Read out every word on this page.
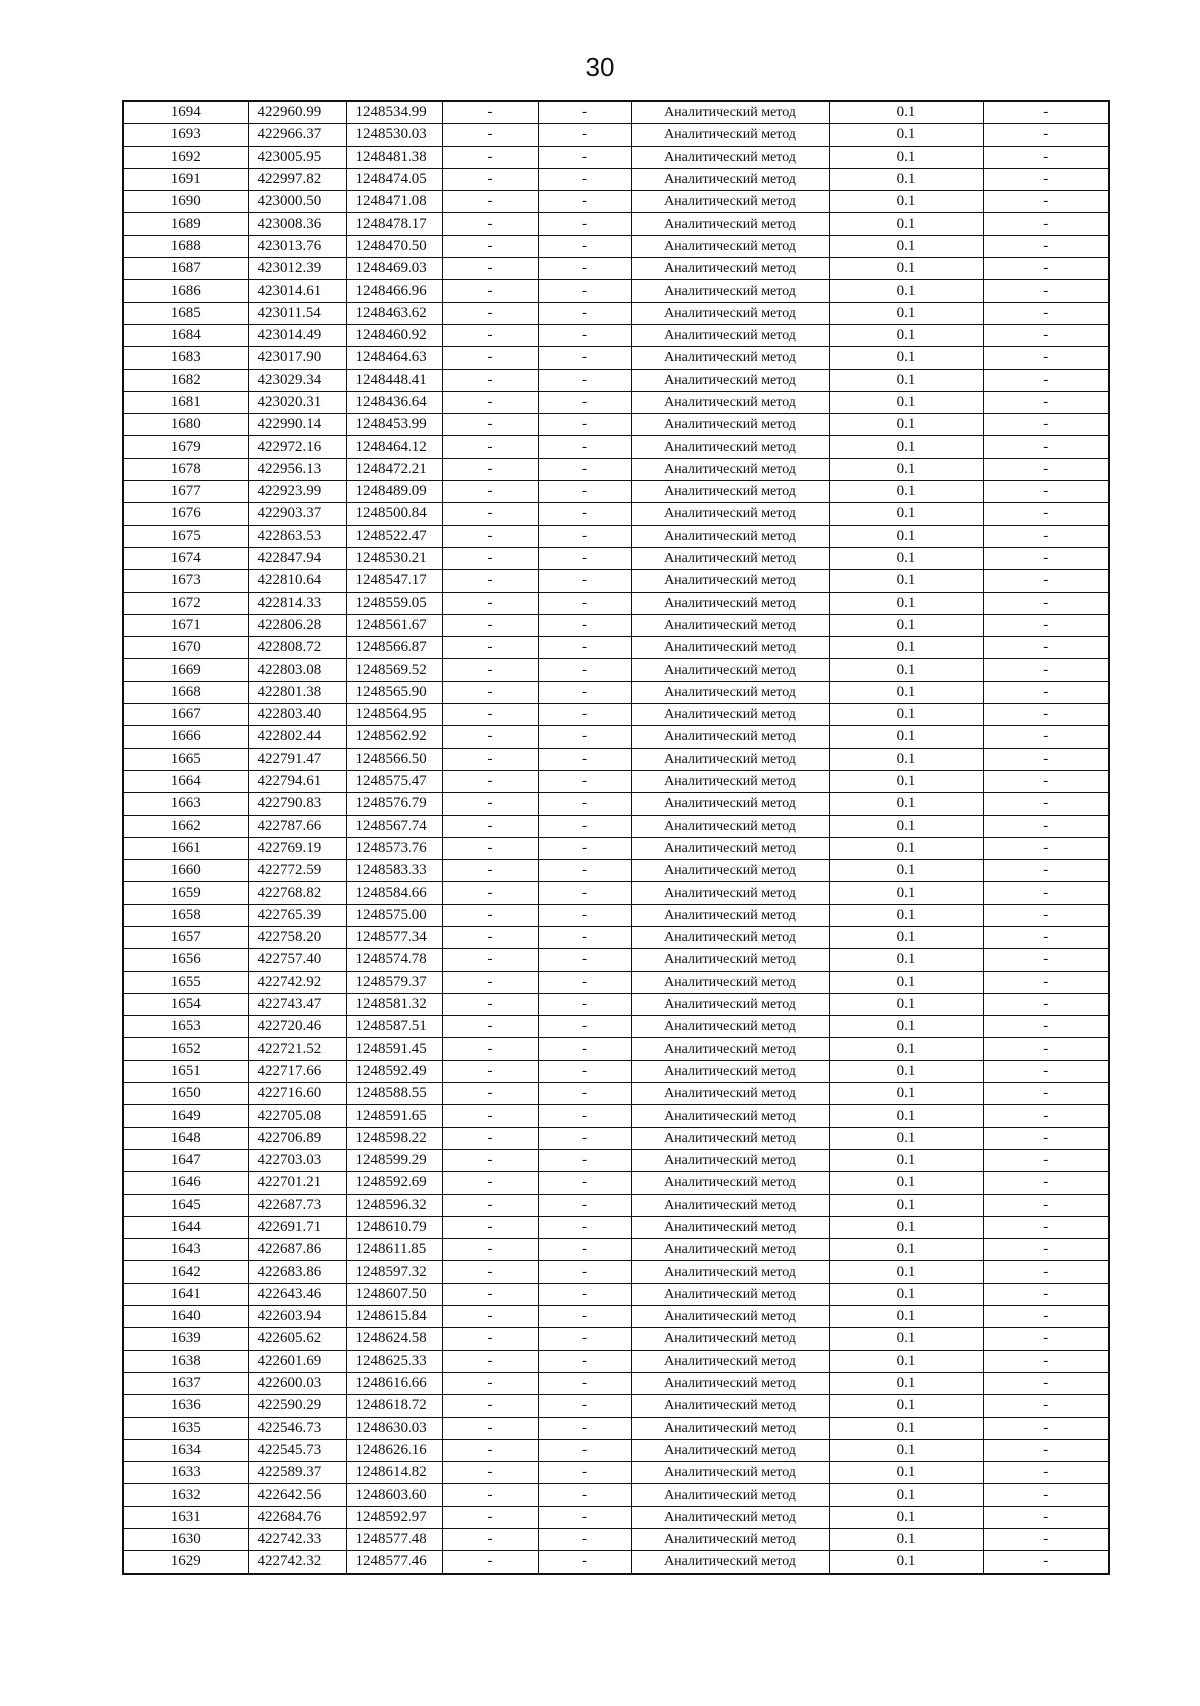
30
1694	422960.99	1248534.99	-	-	Аналитический метод	0.1	-
1693	422966.37	1248530.03	-	-	Аналитический метод	0.1	-
1692	423005.95	1248481.38	-	-	Аналитический метод	0.1	-
1691	422997.82	1248474.05	-	-	Аналитический метод	0.1	-
1690	423000.50	1248471.08	-	-	Аналитический метод	0.1	-
1689	423008.36	1248478.17	-	-	Аналитический метод	0.1	-
1688	423013.76	1248470.50	-	-	Аналитический метод	0.1	-
1687	423012.39	1248469.03	-	-	Аналитический метод	0.1	-
1686	423014.61	1248466.96	-	-	Аналитический метод	0.1	-
1685	423011.54	1248463.62	-	-	Аналитический метод	0.1	-
1684	423014.49	1248460.92	-	-	Аналитический метод	0.1	-
1683	423017.90	1248464.63	-	-	Аналитический метод	0.1	-
1682	423029.34	1248448.41	-	-	Аналитический метод	0.1	-
1681	423020.31	1248436.64	-	-	Аналитический метод	0.1	-
1680	422990.14	1248453.99	-	-	Аналитический метод	0.1	-
1679	422972.16	1248464.12	-	-	Аналитический метод	0.1	-
1678	422956.13	1248472.21	-	-	Аналитический метод	0.1	-
1677	422923.99	1248489.09	-	-	Аналитический метод	0.1	-
1676	422903.37	1248500.84	-	-	Аналитический метод	0.1	-
1675	422863.53	1248522.47	-	-	Аналитический метод	0.1	-
1674	422847.94	1248530.21	-	-	Аналитический метод	0.1	-
1673	422810.64	1248547.17	-	-	Аналитический метод	0.1	-
1672	422814.33	1248559.05	-	-	Аналитический метод	0.1	-
1671	422806.28	1248561.67	-	-	Аналитический метод	0.1	-
1670	422808.72	1248566.87	-	-	Аналитический метод	0.1	-
1669	422803.08	1248569.52	-	-	Аналитический метод	0.1	-
1668	422801.38	1248565.90	-	-	Аналитический метод	0.1	-
1667	422803.40	1248564.95	-	-	Аналитический метод	0.1	-
1666	422802.44	1248562.92	-	-	Аналитический метод	0.1	-
1665	422791.47	1248566.50	-	-	Аналитический метод	0.1	-
1664	422794.61	1248575.47	-	-	Аналитический метод	0.1	-
1663	422790.83	1248576.79	-	-	Аналитический метод	0.1	-
1662	422787.66	1248567.74	-	-	Аналитический метод	0.1	-
1661	422769.19	1248573.76	-	-	Аналитический метод	0.1	-
1660	422772.59	1248583.33	-	-	Аналитический метод	0.1	-
1659	422768.82	1248584.66	-	-	Аналитический метод	0.1	-
1658	422765.39	1248575.00	-	-	Аналитический метод	0.1	-
1657	422758.20	1248577.34	-	-	Аналитический метод	0.1	-
1656	422757.40	1248574.78	-	-	Аналитический метод	0.1	-
1655	422742.92	1248579.37	-	-	Аналитический метод	0.1	-
1654	422743.47	1248581.32	-	-	Аналитический метод	0.1	-
1653	422720.46	1248587.51	-	-	Аналитический метод	0.1	-
1652	422721.52	1248591.45	-	-	Аналитический метод	0.1	-
1651	422717.66	1248592.49	-	-	Аналитический метод	0.1	-
1650	422716.60	1248588.55	-	-	Аналитический метод	0.1	-
1649	422705.08	1248591.65	-	-	Аналитический метод	0.1	-
1648	422706.89	1248598.22	-	-	Аналитический метод	0.1	-
1647	422703.03	1248599.29	-	-	Аналитический метод	0.1	-
1646	422701.21	1248592.69	-	-	Аналитический метод	0.1	-
1645	422687.73	1248596.32	-	-	Аналитический метод	0.1	-
1644	422691.71	1248610.79	-	-	Аналитический метод	0.1	-
1643	422687.86	1248611.85	-	-	Аналитический метод	0.1	-
1642	422683.86	1248597.32	-	-	Аналитический метод	0.1	-
1641	422643.46	1248607.50	-	-	Аналитический метод	0.1	-
1640	422603.94	1248615.84	-	-	Аналитический метод	0.1	-
1639	422605.62	1248624.58	-	-	Аналитический метод	0.1	-
1638	422601.69	1248625.33	-	-	Аналитический метод	0.1	-
1637	422600.03	1248616.66	-	-	Аналитический метод	0.1	-
1636	422590.29	1248618.72	-	-	Аналитический метод	0.1	-
1635	422546.73	1248630.03	-	-	Аналитический метод	0.1	-
1634	422545.73	1248626.16	-	-	Аналитический метод	0.1	-
1633	422589.37	1248614.82	-	-	Аналитический метод	0.1	-
1632	422642.56	1248603.60	-	-	Аналитический метод	0.1	-
1631	422684.76	1248592.97	-	-	Аналитический метод	0.1	-
1630	422742.33	1248577.48	-	-	Аналитический метод	0.1	-
1629	422742.32	1248577.46	-	-	Аналитический метод	0.1	-
